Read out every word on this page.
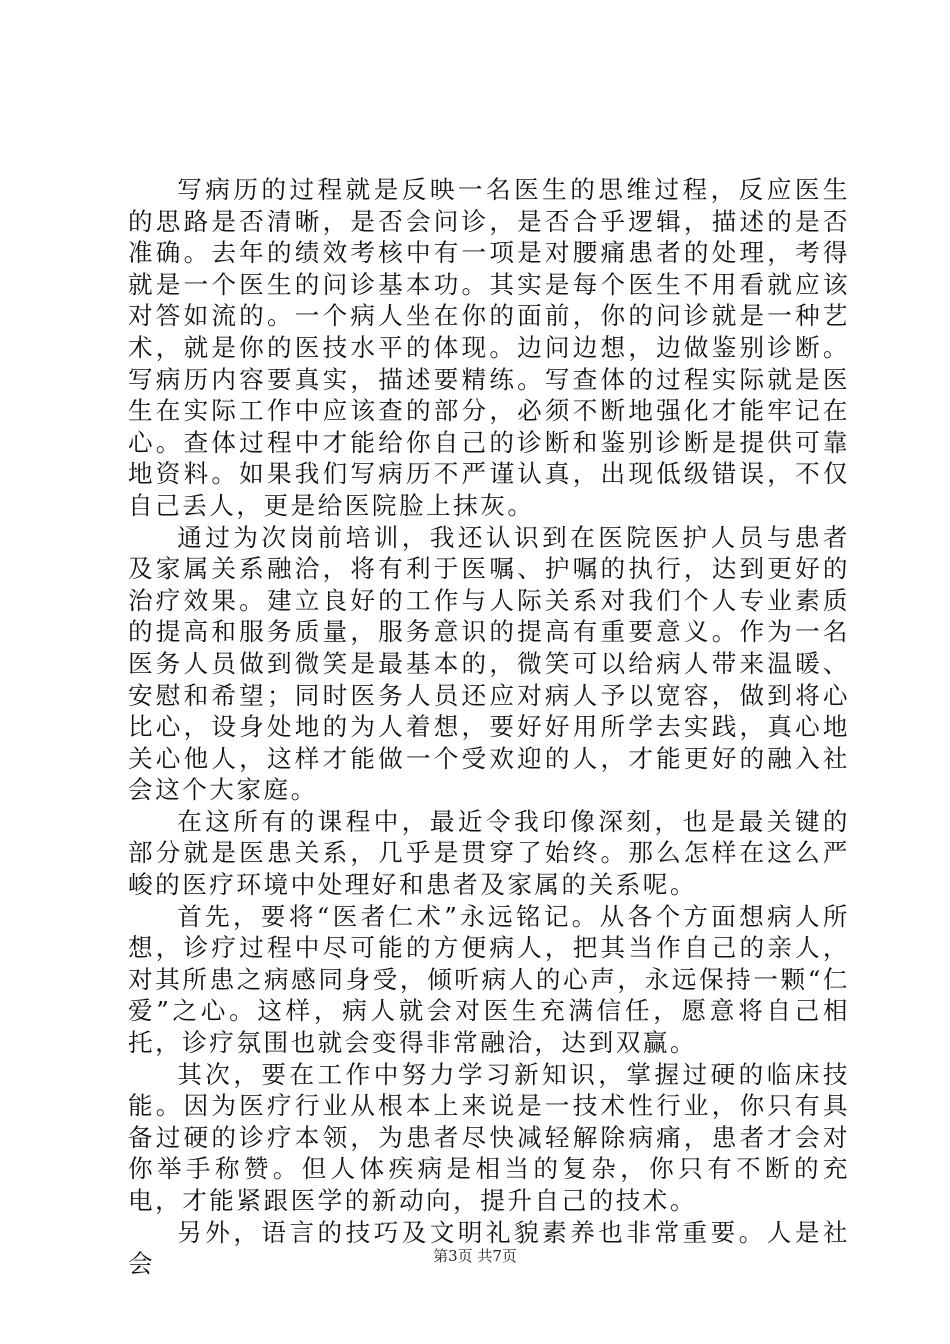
写病历的过程就是反映一名医生的思维过程，反应医生的思路是否清晰，是否会问诊，是否合乎逻辑，描述的是否准确。去年的绩效考核中有一项是对腰痛患者的处理，考得就是一个医生的问诊基本功。其实是每个医生不用看就应该对答如流的。一个病人坐在你的面前，你的问诊就是一种艺术，就是你的医技水平的体现。边问边想，边做鉴别诊断。写病历内容要真实，描述要精练。写查体的过程实际就是医生在实际工作中应该查的部分，必须不断地强化才能牢记在心。查体过程中才能给你自己的诊断和鉴别诊断是提供可靠地资料。如果我们写病历不严谨认真，出现低级错误，不仅自己丢人，更是给医院脸上抹灰。

通过为次岗前培训，我还认识到在医院医护人员与患者及家属关系融洽，将有利于医嘱、护嘱的执行，达到更好的治疗效果。建立良好的工作与人际关系对我们个人专业素质的提高和服务质量，服务意识的提高有重要意义。作为一名医务人员做到微笑是最基本的，微笑可以给病人带来温暖、安慰和希望；同时医务人员还应对病人予以宽容，做到将心比心，设身处地的为人着想，要好好用所学去实践，真心地关心他人，这样才能做一个受欢迎的人，才能更好的融入社会这个大家庭。

在这所有的课程中，最近令我印像深刻，也是最关键的部分就是医患关系，几乎是贯穿了始终。那么怎样在这么严峻的医疗环境中处理好和患者及家属的关系呢。

首先，要将“医者仁术”永远铭记。从各个方面想病人所想，诊疗过程中尽可能的方便病人，把其当作自己的亲人，对其所患之病感同身受，倾听病人的心声，永远保持一颗“仁爱”之心。这样，病人就会对医生充满信任，愿意将自己相托，诊疗氛围也就会变得非常融洽，达到双赢。

其次，要在工作中努力学习新知识，掌握过硬的临床技能。因为医疗行业从根本上来说是一技术性行业，你只有具备过硬的诊疗本领，为患者尽快减轻解除病痛，患者才会对你举手称赞。但人体疾病是相当的复杂，你只有不断的充电，才能紧跟医学的新动向，提升自己的技术。

另外，语言的技巧及文明礼貌素养也非常重要。人是社会	第3页 共7页
